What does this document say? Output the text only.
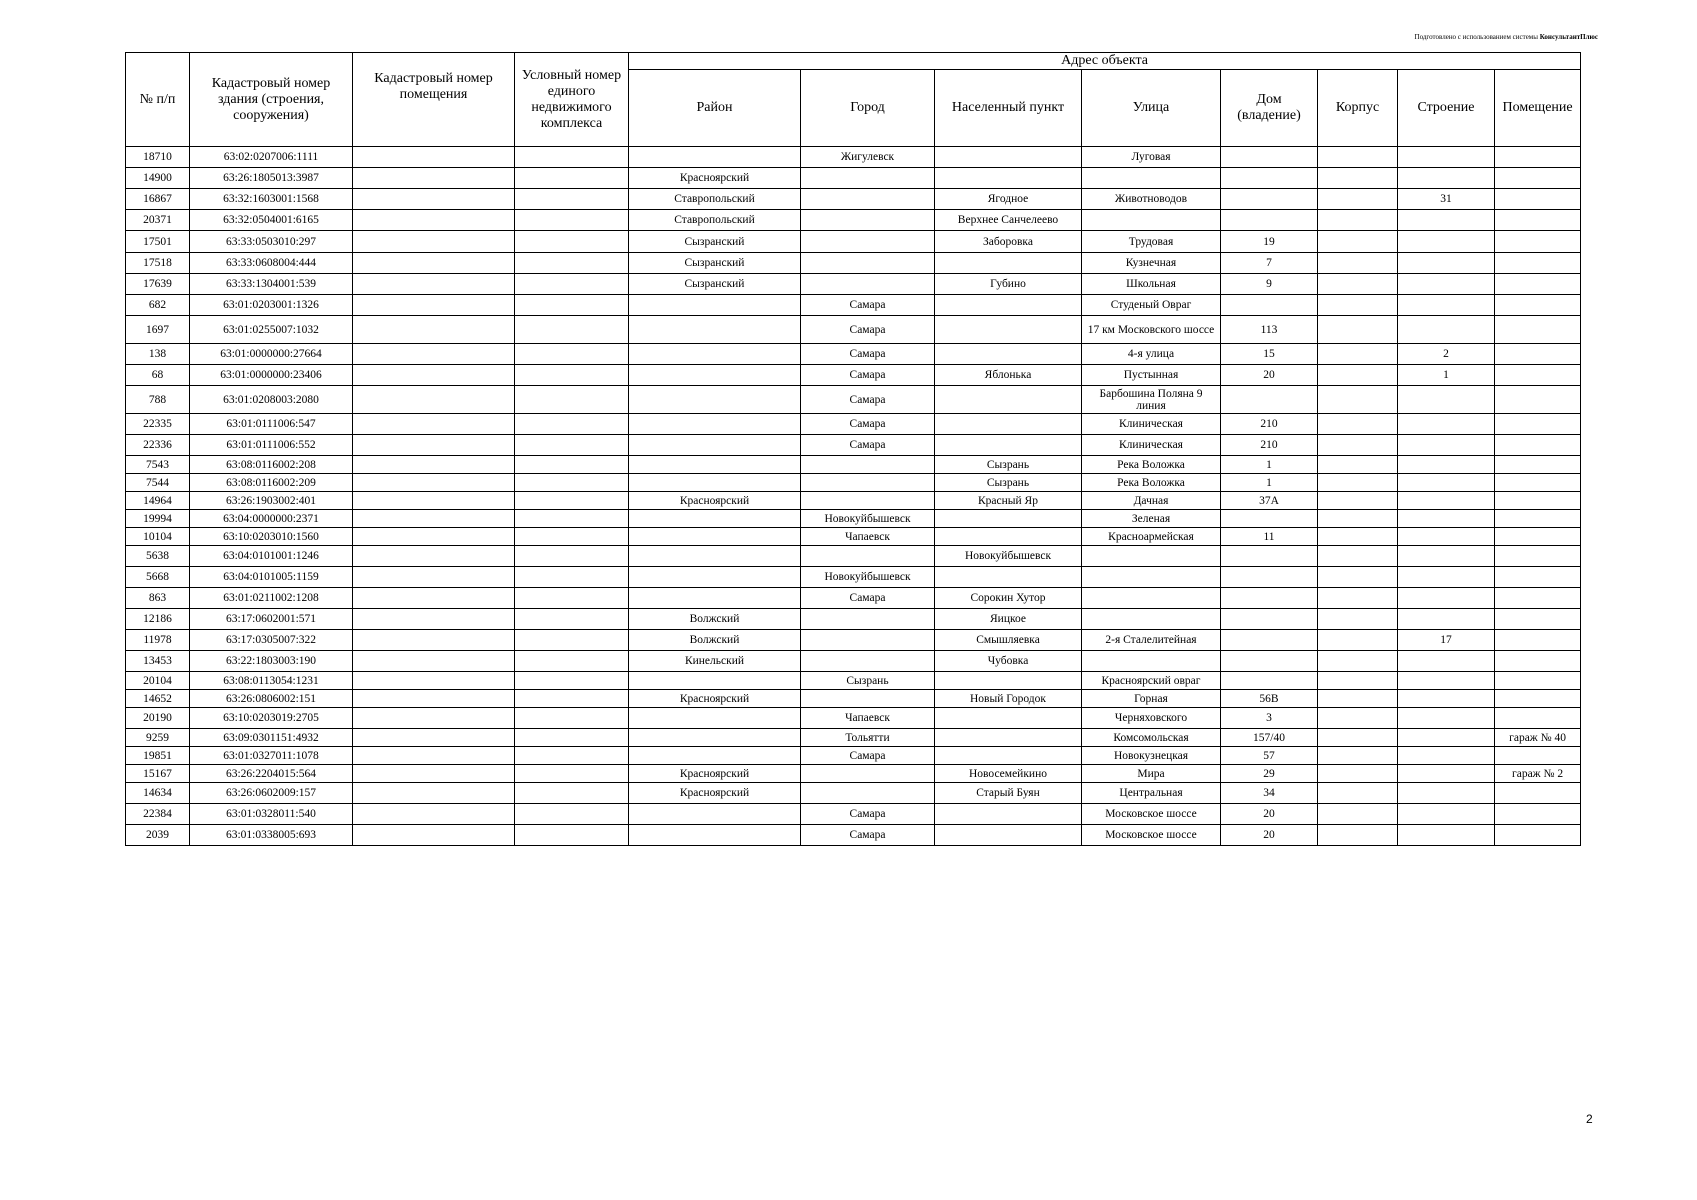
Подготовлено с использованием системы КонсультантПлюс
№ п/п	Кадастровый номер здания (строения, сооружения)	Кадастровый номер помещения	Условный номер единого недвижимого комплекса	Адрес объекта							
				Район	Город	Населенный пункт	Улица	Дом (владение)	Корпус	Строение	Помещение
18710	63:02:0207006:1111				Жигулевск		Луговая				
14900	63:26:1805013:3987			Красноярский							
16867	63:32:1603001:1568			Ставропольский		Ягодное	Животноводов			31	
20371	63:32:0504001:6165			Ставропольский		Верхнее Санчелеево					
17501	63:33:0503010:297			Сызранский		Заборовка	Трудовая	19			
17518	63:33:0608004:444			Сызранский			Кузнечная	7			
17639	63:33:1304001:539			Сызранский		Губино	Школьная	9			
682	63:01:0203001:1326				Самара		Студеный Овраг				
1697	63:01:0255007:1032				Самара		17 км Московского шоссе	113			
138	63:01:0000000:27664				Самара		4-я улица	15		2	
68	63:01:0000000:23406				Самара	Яблонька	Пустынная	20		1	
788	63:01:0208003:2080				Самара		Барбошина Поляна 9 линия				
22335	63:01:0111006:547				Самара		Клиническая	210			
22336	63:01:0111006:552				Самара		Клиническая	210			
7543	63:08:0116002:208					Сызрань	Река Воложка	1			
7544	63:08:0116002:209					Сызрань	Река Воложка	1			
14964	63:26:1903002:401			Красноярский		Красный Яр	Дачная	37А			
19994	63:04:0000000:2371				Новокуйбышевск		Зеленая				
10104	63:10:0203010:1560				Чапаевск		Красноармейская	11			
5638	63:04:0101001:1246					Новокуйбышевск					
5668	63:04:0101005:1159				Новокуйбышевск						
863	63:01:0211002:1208				Самара	Сорокин Хутор					
12186	63:17:0602001:571			Волжский		Яицкое					
11978	63:17:0305007:322			Волжский		Смышляевка	2-я Сталелитейная			17	
13453	63:22:1803003:190			Кинельский		Чубовка					
20104	63:08:0113054:1231				Сызрань		Красноярский овраг				
14652	63:26:0806002:151			Красноярский		Новый Городок	Горная	56В			
20190	63:10:0203019:2705				Чапаевск		Черняховского	3			
9259	63:09:0301151:4932				Тольятти		Комсомольская	157/40			гараж № 40
19851	63:01:0327011:1078				Самара		Новокузнецкая	57			
15167	63:26:2204015:564			Красноярский		Новосемейкино	Мира	29			гараж № 2
14634	63:26:0602009:157			Красноярский		Старый Буян	Центральная	34			
22384	63:01:0328011:540				Самара		Московское шоссе	20			
2039	63:01:0338005:693				Самара		Московское шоссе	20			
2
